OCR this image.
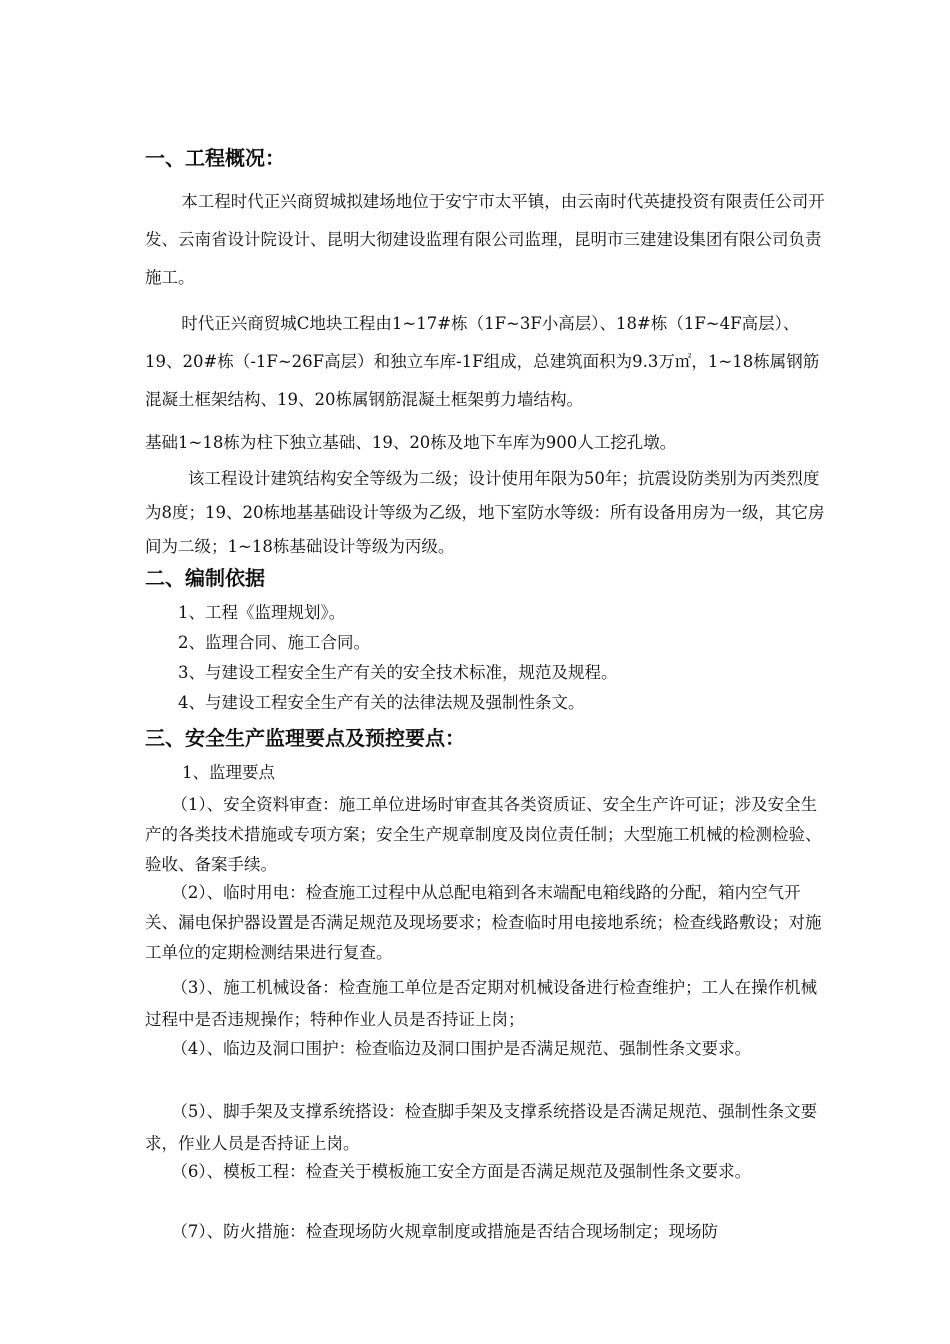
一、工程概况：

本工程时代正兴商贸城拟建场地位于安宁市太平镇，由云南时代英捷投资有限责任公司开发、云南省设计院设计、昆明大彻建设监理有限公司监理，昆明市三建建设集团有限公司负责施工。

时代正兴商贸城C地块工程由1~17#栋（1F~3F小高层）、18#栋（1F~4F高层）、19、20#栋（-1F~26F高层）和独立车库-1F组成，总建筑面积为9.3万㎡，1~18栋属钢筋混凝土框架结构、19、20栋属钢筋混凝土框架剪力墙结构。

基础1~18栋为柱下独立基础、19、20栋及地下车库为900人工挖孔墩。

该工程设计建筑结构安全等级为二级；设计使用年限为50年；抗震设防类别为丙类烈度为8度；19、20栋地基基础设计等级为乙级，地下室防水等级：所有设备用房为一级，其它房间为二级；1~18栋基础设计等级为丙级。

二、编制依据
1、工程《监理规划》。
2、监理合同、施工合同。
3、与建设工程安全生产有关的安全技术标准，规范及规程。
4、与建设工程安全生产有关的法律法规及强制性条文。
三、安全生产监理要点及预控要点：
1、监理要点

（1）、安全资料审查：施工单位进场时审查其各类资质证、安全生产许可证；涉及安全生产的各类技术措施或专项方案；安全生产规章制度及岗位责任制；大型施工机械的检测检验、验收、备案手续。

（2）、临时用电：检查施工过程中从总配电箱到各末端配电箱线路的分配，箱内空气开关、漏电保护器设置是否满足规范及现场要求；检查临时用电接地系统；检查线路敷设；对施工单位的定期检测结果进行复查。

（3）、施工机械设备：检查施工单位是否定期对机械设备进行检查维护；工人在操作机械过程中是否违规操作；特种作业人员是否持证上岗；

（4）、临边及洞口围护：检查临边及洞口围护是否满足规范、强制性条文要求。

（5）、脚手架及支撑系统搭设：检查脚手架及支撑系统搭设是否满足规范、强制性条文要求，作业人员是否持证上岗。

（6）、模板工程：检查关于模板施工安全方面是否满足规范及强制性条文要求。

（7）、防火措施：检查现场防火规章制度或措施是否结合现场制定；现场防
